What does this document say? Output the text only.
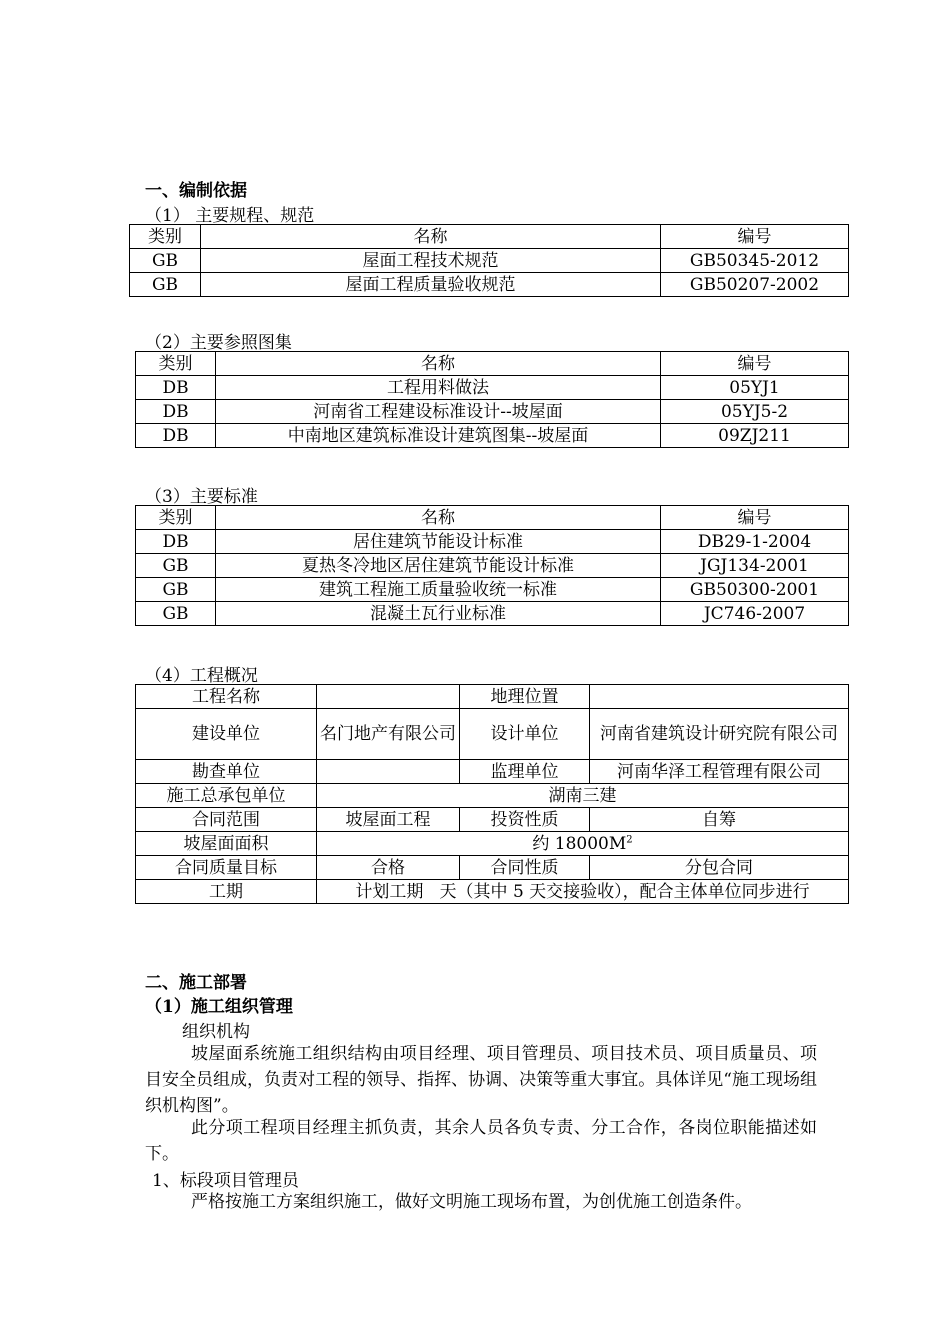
一、编制依据
（1） 主要规程、规范
类别	名称	编号
GB	屋面工程技术规范	GB50345-2012
GB	屋面工程质量验收规范	GB50207-2002
（2）主要参照图集
类别	名称	编号
DB	工程用料做法	05YJ1
DB	河南省工程建设标准设计--坡屋面	05YJ5-2
DB	中南地区建筑标准设计建筑图集--坡屋面	09ZJ211
（3）主要标准
类别	名称	编号
DB	居住建筑节能设计标准	DB29-1-2004
GB	夏热冬冷地区居住建筑节能设计标准	JGJ134-2001
GB	建筑工程施工质量验收统一标准	GB50300-2001
GB	混凝土瓦行业标准	JC746-2007
（4）工程概况
工程名称		地理位置	
建设单位	名门地产有限公司	设计单位	河南省建筑设计研究院有限公司
勘查单位		监理单位	河南华泽工程管理有限公司
施工总承包单位	湖南三建		
合同范围	坡屋面工程	投资性质	自筹
坡屋面面积	约 $18000M^2$
合同质量目标	合格	合同性质	分包合同
工期	计划工期   天（其中 5 天交接验收），配合主体单位同步进行		
二、施工部署
（1）施工组织管理
组织机构
坡屋面系统施工组织结构由项目经理、项目管理员、项目技术员、项目质量员、项目安全员组成，负责对工程的领导、指挥、协调、决策等重大事宜。具体详见“施工现场组织机构图”。
此分项工程项目经理主抓负责，其余人员各负专责、分工合作，各岗位职能描述如下。
1、标段项目管理员
严格按施工方案组织施工，做好文明施工现场布置，为创优施工创造条件。
